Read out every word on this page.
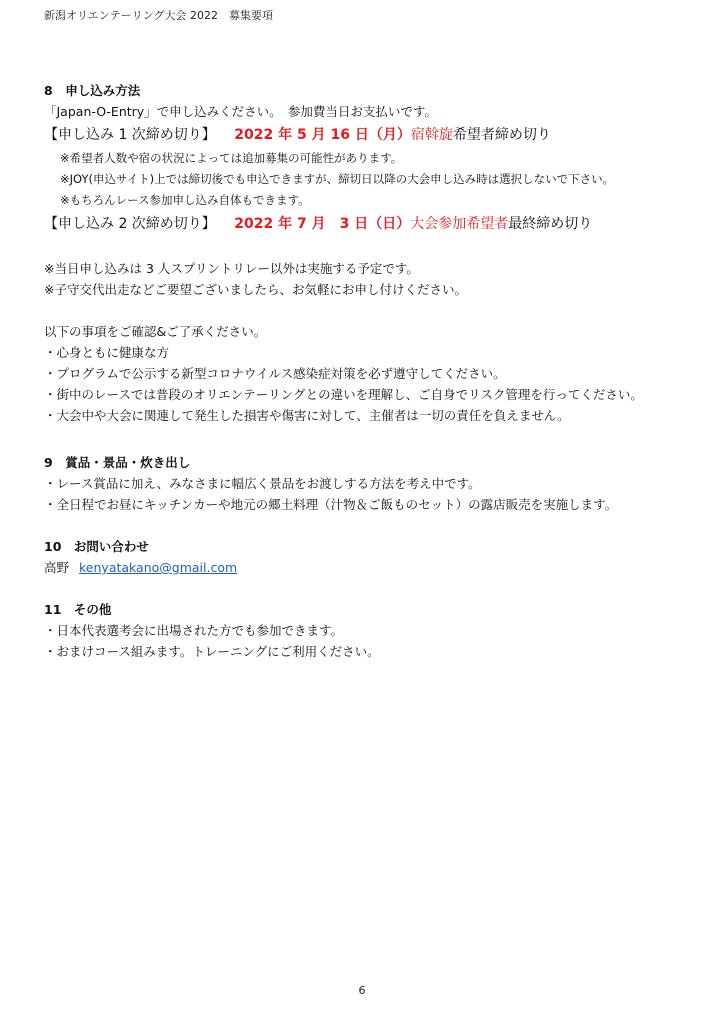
新潟オリエンテーリング大会 2022　募集要項
8　申し込み方法
「Japan-O-Entry」で申し込みください。　参加費当日お支払いです。
【申し込み 1 次締め切り】 2022 年 5 月 16 日（月）宿斡旋希望者締め切り
※希望者人数や宿の状況によっては追加募集の可能性があります。
※JOY(申込サイト)上では締切後でも申込できますが、締切日以降の大会申し込み時は選択しないで下さい。
※もちろんレース参加申し込み自体もできます。
【申し込み 2 次締め切り】 2022 年 7 月　3 日（日）大会参加希望者最終締め切り
※当日申し込みは 3 人スプリントリレー以外は実施する予定です。
※子守交代出走などご要望ございましたら、お気軽にお申し付けください。
以下の事項をご確認&ご了承ください。
・心身ともに健康な方
・プログラムで公示する新型コロナウイルス感染症対策を必ず遵守してください。
・街中のレースでは普段のオリエンテーリングとの違いを理解し、ご自身でリスク管理を行ってください。
・大会中や大会に関連して発生した損害や傷害に対して、主催者は一切の責任を負えません。
9　賞品・景品・炊き出し
・レース賞品に加え、みなさまに幅広く景品をお渡しする方法を考え中です。
・全日程でお昼にキッチンカーや地元の郷土料理（汁物＆ご飯ものセット）の露店販売を実施します。
10　お問い合わせ
高野 kenyatakano@gmail.com
11　その他
・日本代表選考会に出場された方でも参加できます。
・おまけコース組みます。トレーニングにご利用ください。
6
